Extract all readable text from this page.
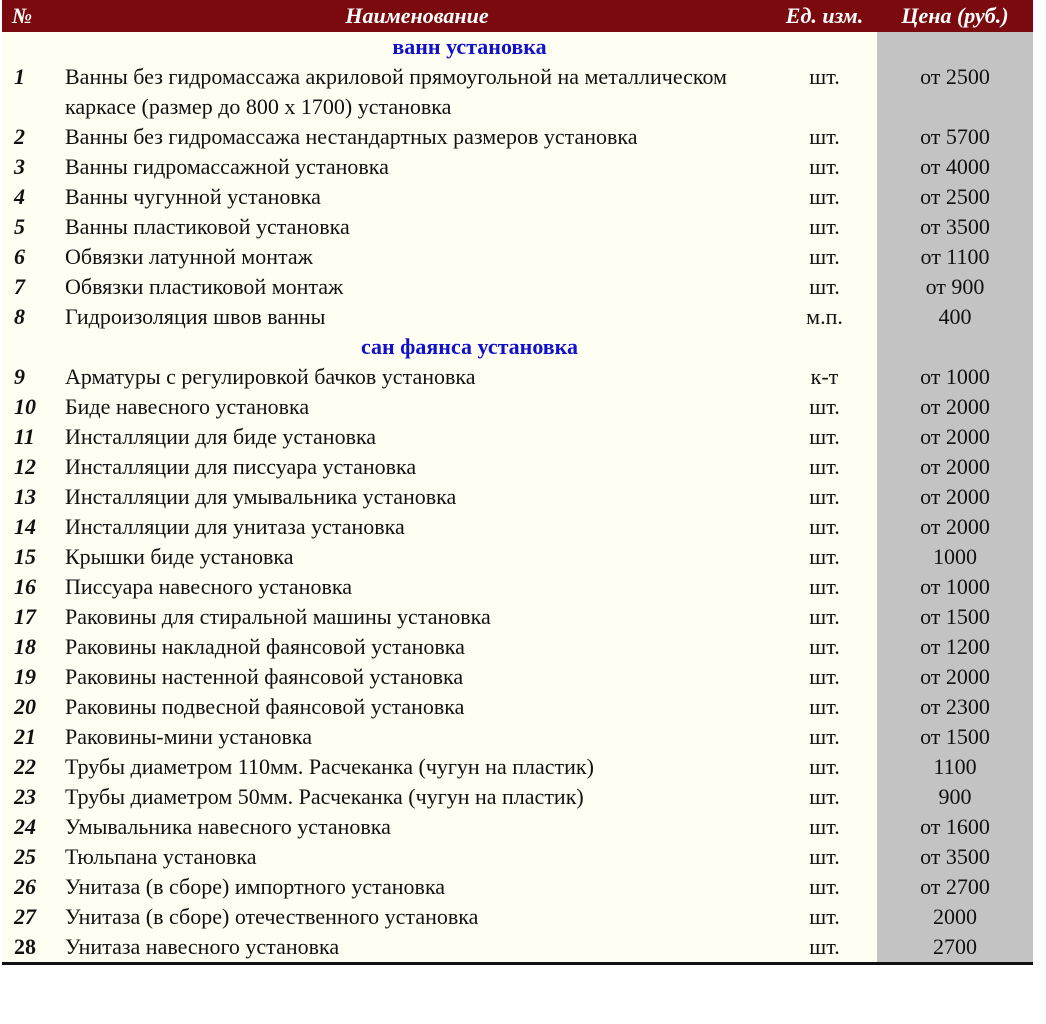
№	Наименование	Ед. изм.	Цена (руб.)
	ванн установка		
1	Ванны без гидромассажа акриловой прямоугольной на металлическом каркасе (размер до 800 х 1700) установка	шт.	от 2500
2	Ванны без гидромассажа нестандартных размеров установка	шт.	от 5700
3	Ванны гидромассажной установка	шт.	от 4000
4	Ванны чугунной установка	шт.	от 2500
5	Ванны пластиковой установка	шт.	от 3500
6	Обвязки латунной монтаж	шт.	от 1100
7	Обвязки пластиковой монтаж	шт.	от 900
8	Гидроизоляция швов ванны	м.п.	400
	сан фаянса установка		
9	Арматуры с регулировкой бачков установка	к-т	от 1000
10	Биде навесного установка	шт.	от 2000
11	Инсталляции для биде установка	шт.	от 2000
12	Инсталляции для писсуара установка	шт.	от 2000
13	Инсталляции для умывальника установка	шт.	от 2000
14	Инсталляции для унитаза установка	шт.	от 2000
15	Крышки биде установка	шт.	1000
16	Писсуара навесного установка	шт.	от 1000
17	Раковины для стиральной машины установка	шт.	от 1500
18	Раковины накладной фаянсовой установка	шт.	от 1200
19	Раковины настенной фаянсовой установка	шт.	от 2000
20	Раковины подвесной фаянсовой установка	шт.	от 2300
21	Раковины-мини установка	шт.	от 1500
22	Трубы диаметром 110мм. Расчеканка (чугун на пластик)	шт.	1100
23	Трубы диаметром 50мм. Расчеканка (чугун на пластик)	шт.	900
24	Умывальника навесного установка	шт.	от 1600
25	Тюльпана установка	шт.	от 3500
26	Унитаза (в сборе) импортного установка	шт.	от 2700
27	Унитаза (в сборе) отечественного установка	шт.	2000
28	Унитаза навесного установка	шт.	2700
